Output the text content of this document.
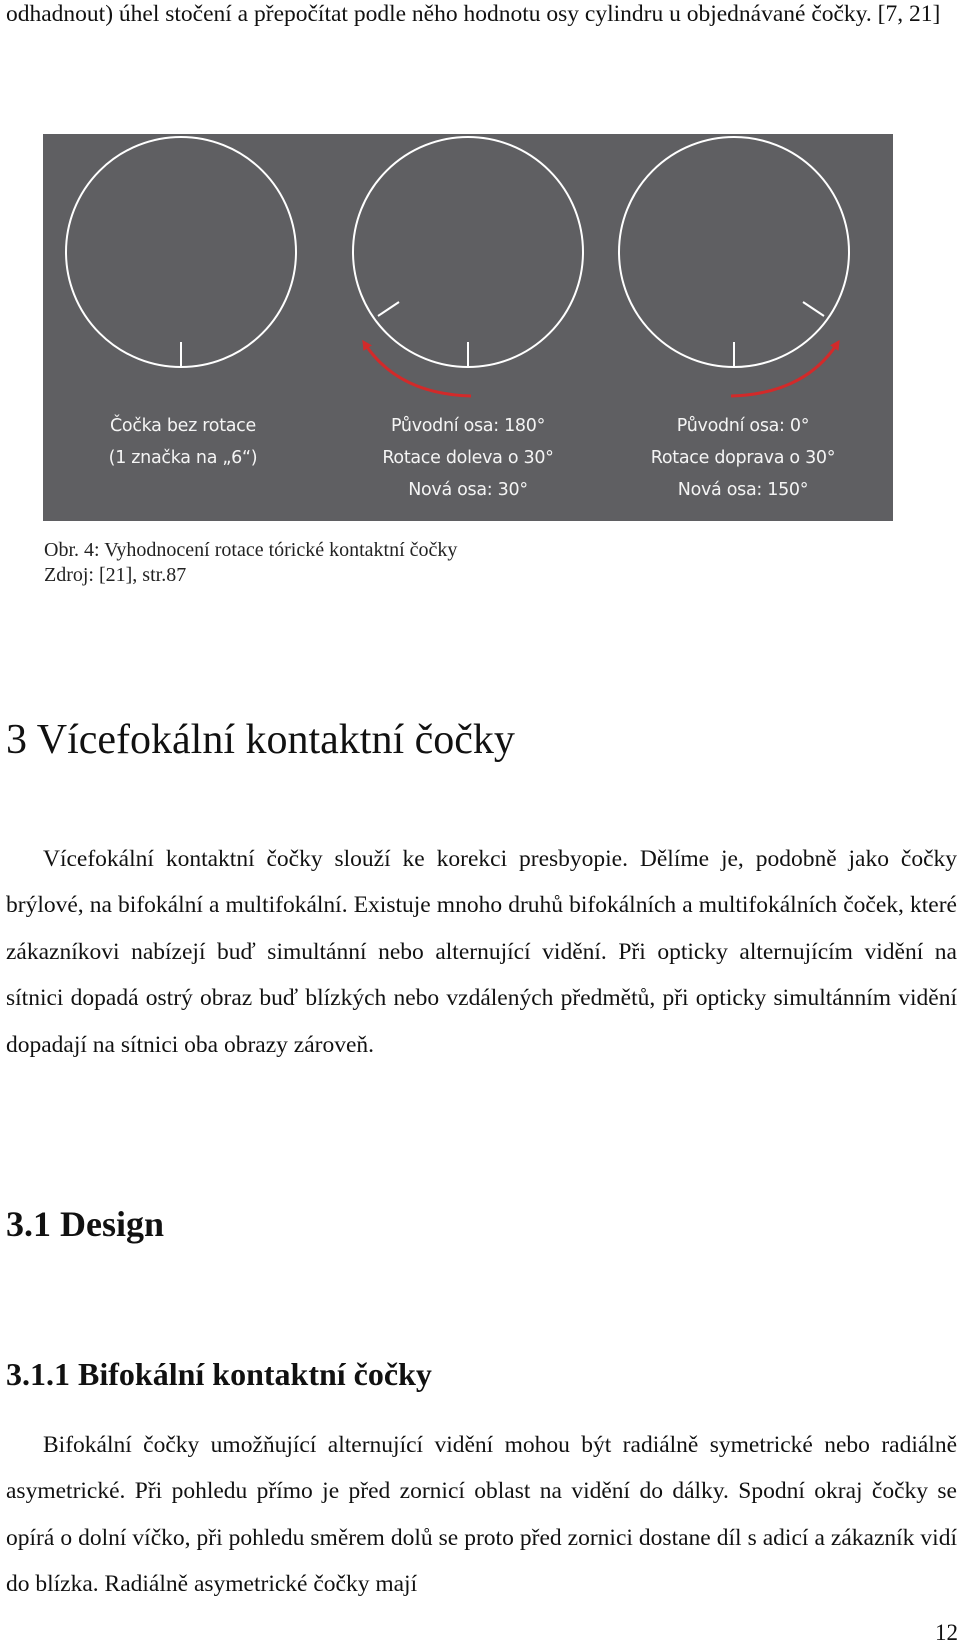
odhadnout) úhel stočení a přepočítat podle něho hodnotu osy cylindru u objednávané čočky. [7, 21]

Čočka bez rotace
(1 značka na „6“)
Původní osa: 180°
Rotace doleva o 30°
Nová osa: 30°
Původní osa: 0°
Rotace doprava o 30°
Nová osa: 150°
Obr. 4: Vyhodnocení rotace tórické kontaktní čočky
Zdroj: [21], str.87
3 Vícefokální kontaktní čočky

Vícefokální kontaktní čočky slouží ke korekci presbyopie. Dělíme je, podobně jako čočky brýlové, na bifokální a multifokální. Existuje mnoho druhů bifokálních a multifokálních čoček, které zákazníkovi nabízejí buď simultánní nebo alternující vidění. Při opticky alternujícím vidění na sítnici dopadá ostrý obraz buď blízkých nebo vzdálených předmětů, při opticky simultánním vidění dopadají na sítnici oba obrazy zároveň.

3.1 Design
3.1.1 Bifokální kontaktní čočky

Bifokální čočky umožňující alternující vidění mohou být radiálně symetrické nebo radiálně asymetrické. Při pohledu přímo je před zornicí oblast na vidění do dálky. Spodní okraj čočky se opírá o dolní víčko, při pohledu směrem dolů se proto před zornici dostane díl s adicí a zákazník vidí do blízka. Radiálně asymetrické čočky mají

12
